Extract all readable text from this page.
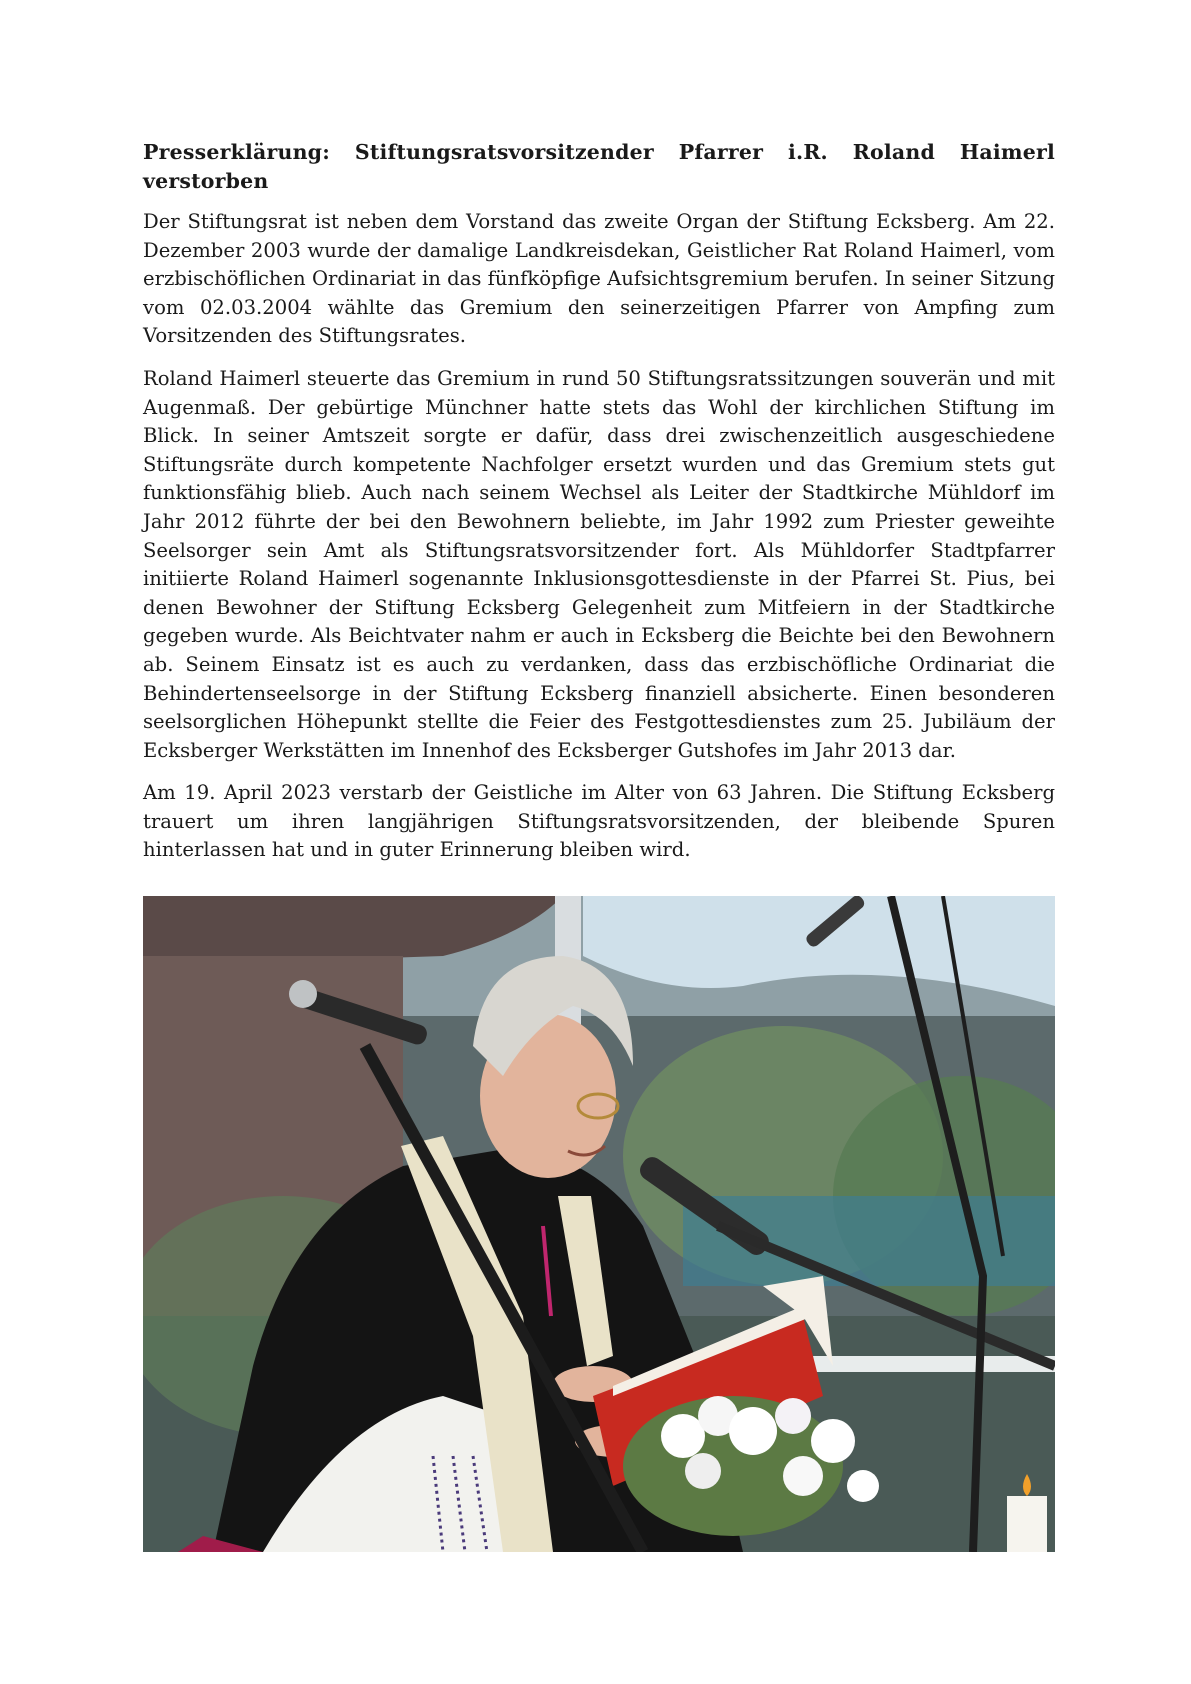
Presserklärung: Stiftungsratsvorsitzender Pfarrer i.R. Roland Haimerl
verstorben

Der Stiftungsrat ist neben dem Vorstand das zweite Organ der Stiftung Ecksberg. Am 22. Dezember 2003 wurde der damalige Landkreisdekan, Geistlicher Rat Roland Haimerl, vom erzbischöflichen Ordinariat in das fünfköpfige Aufsichtsgremium berufen. In seiner Sitzung vom 02.03.2004 wählte das Gremium den seinerzeitigen Pfarrer von Ampfing zum Vorsitzenden des Stiftungsrates.

Roland Haimerl steuerte das Gremium in rund 50 Stiftungsratssitzungen souverän und mit Augenmaß. Der gebürtige Münchner hatte stets das Wohl der kirchlichen Stiftung im Blick. In seiner Amtszeit sorgte er dafür, dass drei zwischenzeitlich ausgeschiedene Stiftungsräte durch kompetente Nachfolger ersetzt wurden und das Gremium stets gut funktionsfähig blieb. Auch nach seinem Wechsel als Leiter der Stadtkirche Mühldorf im Jahr 2012 führte der bei den Bewohnern beliebte, im Jahr 1992 zum Priester geweihte Seelsorger sein Amt als Stiftungsratsvorsitzender fort. Als Mühldorfer Stadtpfarrer initiierte Roland Haimerl sogenannte Inklusionsgottesdienste in der Pfarrei St. Pius, bei denen Bewohner der Stiftung Ecksberg Gelegenheit zum Mitfeiern in der Stadtkirche gegeben wurde. Als Beichtvater nahm er auch in Ecksberg die Beichte bei den Bewohnern ab. Seinem Einsatz ist es auch zu verdanken, dass das erzbischöfliche Ordinariat die Behindertenseelsorge in der Stiftung Ecksberg finanziell absicherte. Einen besonderen seelsorglichen Höhepunkt stellte die Feier des Festgottesdienstes zum 25. Jubiläum der Ecksberger Werkstätten im Innenhof des Ecksberger Gutshofes im Jahr 2013 dar.

Am 19. April 2023 verstarb der Geistliche im Alter von 63 Jahren. Die Stiftung Ecksberg trauert um ihren langjährigen Stiftungsratsvorsitzenden, der bleibende Spuren hinterlassen hat und in guter Erinnerung bleiben wird.
